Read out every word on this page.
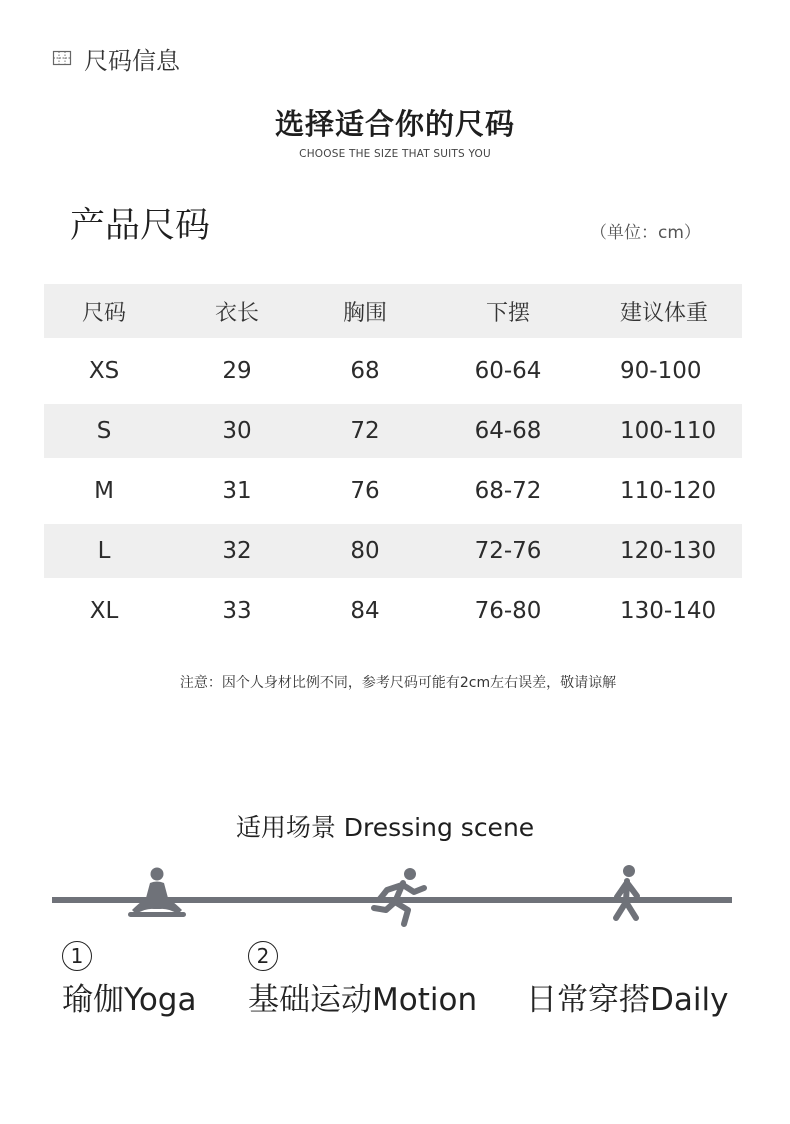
尺码信息
选择适合你的尺码
CHOOSE THE SIZE THAT SUITS YOU
产品尺码	（单位：cm）
尺码	衣长	胸围	下摆	建议体重
XS	29	68	60-64	90-100
S	30	72	64-68	100-110
M	31	76	68-72	110-120
L	32	80	72-76	120-130
XL	33	84	76-80	130-140
注意：因个人身材比例不同，参考尺码可能有2cm左右误差，敬请谅解
适用场景 Dressing scene
1
瑜伽Yoga
2
基础运动Motion 日常穿搭Daily
